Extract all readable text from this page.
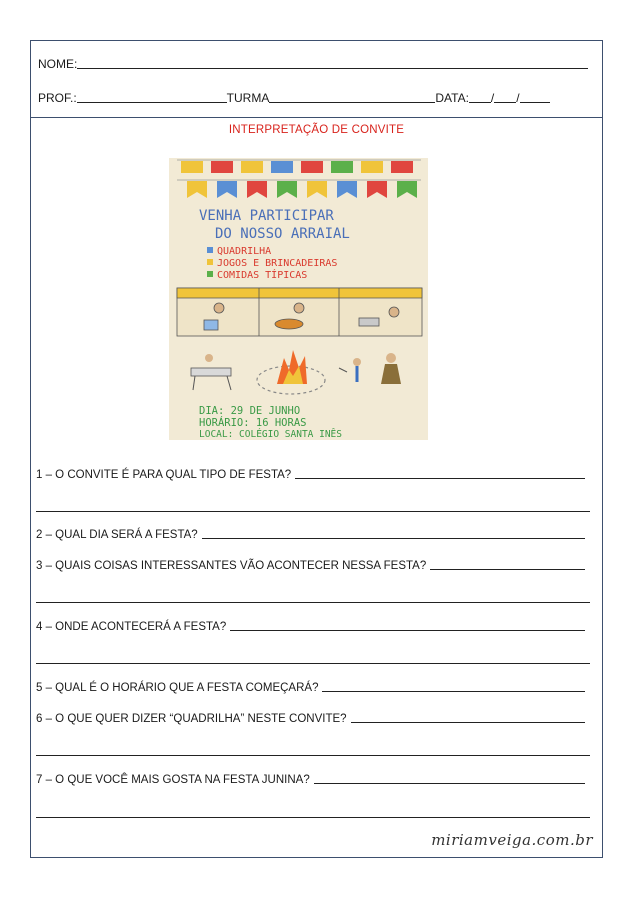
NOME:
PROF.:	TURMA	DATA: / /
INTERPRETAÇÃO DE CONVITE
VENHA PARTICIPAR
DO NOSSO ARRAIAL
QUADRILHA
JOGOS E BRINCADEIRAS
COMIDAS TÍPICAS
DIA: 29 DE JUNHO
HORÁRIO: 16 HORAS
LOCAL: COLÉGIO SANTA INÊS
1 – O CONVITE É PARA QUAL TIPO DE FESTA?
2 – QUAL DIA SERÁ A FESTA?
3 – QUAIS COISAS INTERESSANTES VÃO ACONTECER NESSA FESTA?
4 – ONDE ACONTECERÁ A FESTA?
5 – QUAL É O HORÁRIO QUE A FESTA COMEÇARÁ?
6 – O QUE QUER DIZER “QUADRILHA” NESTE CONVITE?
7 – O QUE VOCÊ MAIS GOSTA NA FESTA JUNINA?
miriamveiga.com.br
